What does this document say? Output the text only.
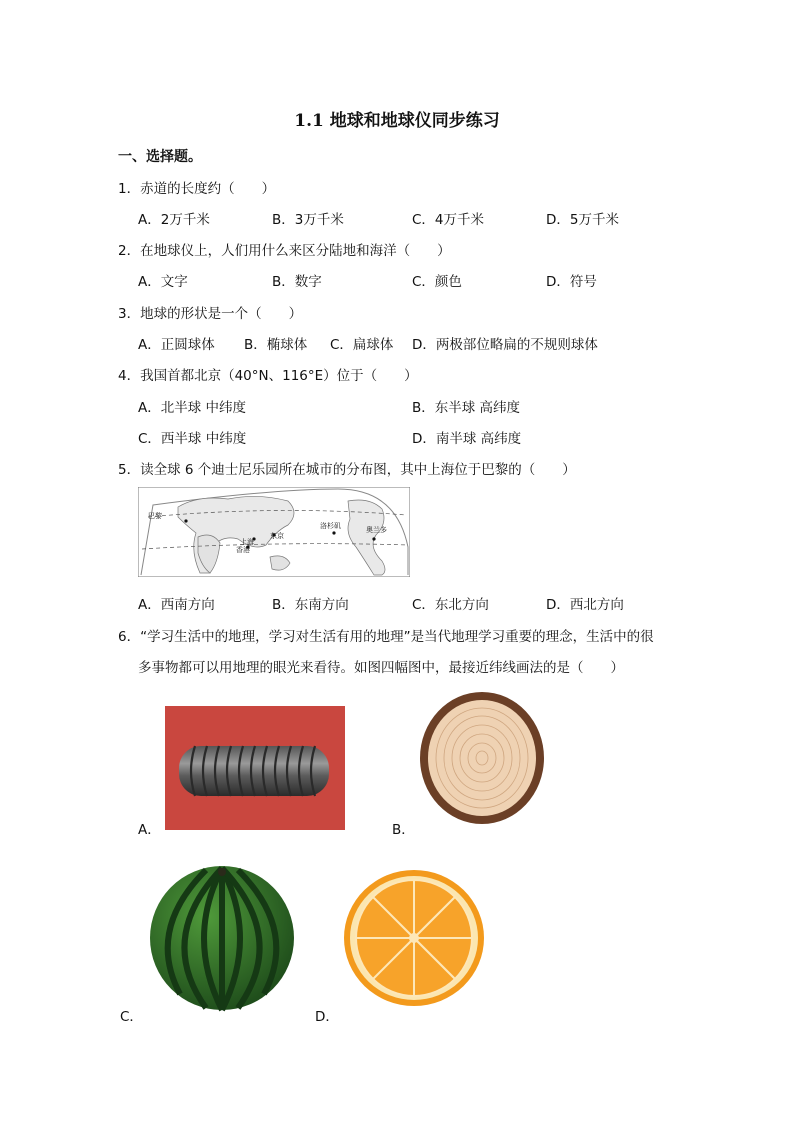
1.1 地球和地球仪同步练习
一、选择题。
1．赤道的长度约（　　）
A．2万千米	B．3万千米	C．4万千米	D．5万千米
2．在地球仪上，人们用什么来区分陆地和海洋（　　）
A．文字	B．数字	C．颜色	D．符号
3．地球的形状是一个（　　）
A．正圆球体 B．椭球体 C．扁球体 D．两极部位略扁的不规则球体
4．我国首都北京（40°N、116°E）位于（　　）
A．北半球 中纬度	B．东半球 高纬度
C．西半球 中纬度	D．南半球 高纬度
5．读全球 6 个迪士尼乐园所在城市的分布图，其中上海位于巴黎的（　　）
巴黎
上海
香港
东京
洛杉矶	奥兰多
A．西南方向	B．东南方向	C．东北方向	D．西北方向
6．“学习生活中的地理，学习对生活有用的地理”是当代地理学习重要的理念，生活中的很
多事物都可以用地理的眼光来看待。如图四幅图中，最接近纬线画法的是（　　）
A．	B．
C．	D．
